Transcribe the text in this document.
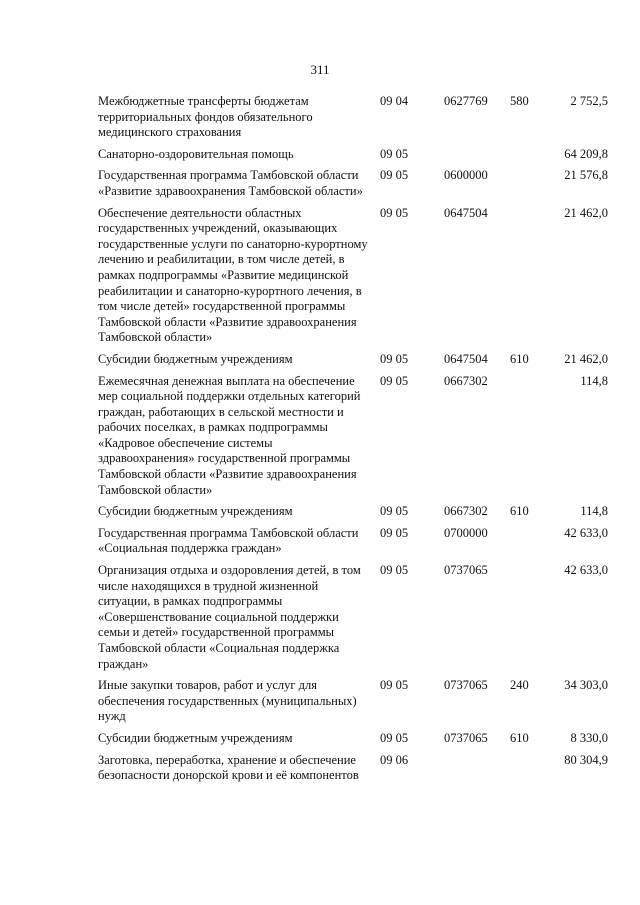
311
Межбюджетные трансферты бюджетам территориальных фондов обязательного медицинского страхования	09 04	0627769	580	2 752,5
Санаторно-оздоровительная помощь	09 05			64 209,8
Государственная программа Тамбовской области «Развитие здравоохранения Тамбовской области»	09 05	0600000		21 576,8
Обеспечение деятельности областных государственных учреждений, оказывающих государственные услуги по санаторно-курортному лечению и реабилитации, в том числе детей, в рамках подпрограммы «Развитие медицинской реабилитации и санаторно-курортного лечения, в том числе детей» государственной программы Тамбовской области «Развитие здравоохранения Тамбовской области»	09 05	0647504		21 462,0
Субсидии бюджетным учреждениям	09 05	0647504	610	21 462,0
Ежемесячная денежная выплата на обеспечение мер социальной поддержки отдельных категорий граждан, работающих в сельской местности и рабочих поселках, в рамках подпрограммы «Кадровое обеспечение системы здравоохранения» государственной программы Тамбовской области «Развитие здравоохранения Тамбовской области»	09 05	0667302		114,8
Субсидии бюджетным учреждениям	09 05	0667302	610	114,8
Государственная программа Тамбовской области «Социальная поддержка граждан»	09 05	0700000		42 633,0
Организация отдыха и оздоровления детей, в том числе находящихся в трудной жизненной ситуации, в рамках подпрограммы «Совершенствование социальной поддержки семьи и детей» государственной программы Тамбовской области «Социальная поддержка граждан»	09 05	0737065		42 633,0
Иные закупки товаров, работ и услуг для обеспечения государственных (муниципальных) нужд	09 05	0737065	240	34 303,0
Субсидии бюджетным учреждениям	09 05	0737065	610	8 330,0
Заготовка, переработка, хранение и обеспечение безопасности донорской крови и её компонентов	09 06			80 304,9
